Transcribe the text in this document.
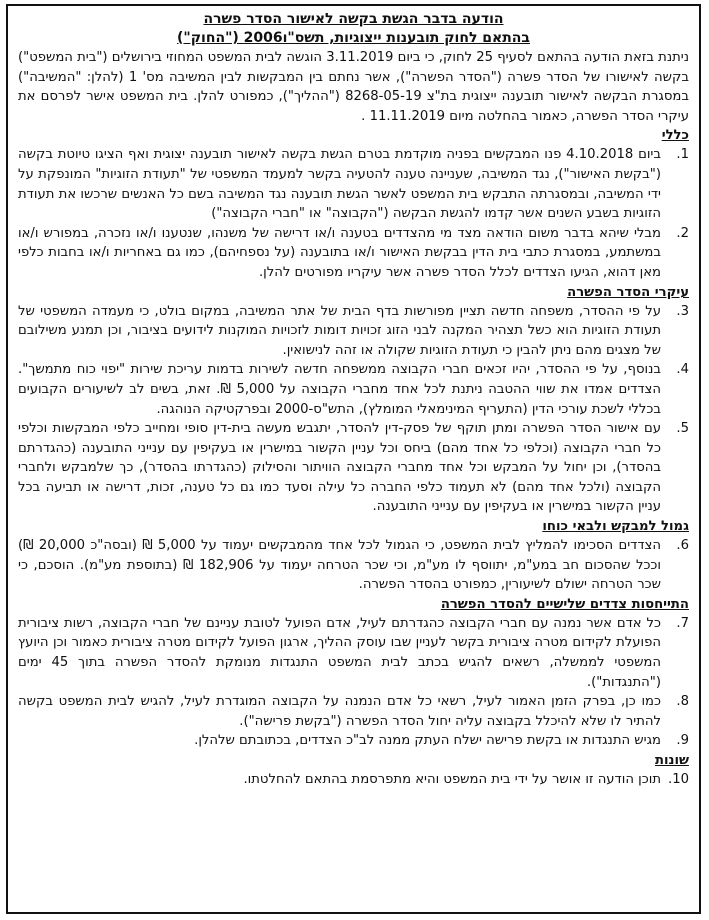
הודעה בדבר הגשת בקשה לאישור הסדר פשרה
בהתאם לחוק תובענות ייצוגיות, תשס"ו2006 ("החוק")

ניתנת בזאת הודעה בהתאם לסעיף 25 לחוק, כי ביום 3.11.2019 הוגשה לבית המשפט המחוזי בירושלים ("בית המשפט") בקשה לאישורו של הסדר פשרה ("הסדר הפשרה"), אשר נחתם בין המבקשות לבין המשיבה מס' 1 (להלן: "המשיבה") במסגרת הבקשה לאישור תובענה ייצוגית בת"צ 8268-05-19 ("ההליך"), כמפורט להלן. בית המשפט אישר לפרסם את עיקרי הסדר הפשרה, כאמור בהחלטה מיום 11.11.2019 .

כללי
1.
ביום 4.10.2018 פנו המבקשים בפניה מוקדמת בטרם הגשת בקשה לאישור תובענה יצוגית ואף הציגו טיוטת בקשה ("בקשת האישור"), נגד המשיבה, שעניינה טענה להטעיה בקשר למעמד המשפטי של "תעודת הזוגיות" המונפקת על ידי המשיבה, ובמסגרתה התבקש בית המשפט לאשר הגשת תובענה נגד המשיבה בשם כל האנשים שרכשו את תעודת הזוגיות בשבע השנים אשר קדמו להגשת הבקשה ("הקבוצה" או "חברי הקבוצה")
2.
מבלי שיהא בדבר משום הודאה מצד מי מהצדדים בטענה ו/או דרישה של משנהו, שנטענו ו/או נזכרה, במפורש ו/או במשתמע, במסגרת כתבי בית הדין בבקשת האישור ו/או בתובענה (על נספחיהם), כמו גם באחריות ו/או בחבות כלפי מאן דהוא, הגיעו הצדדים לכלל הסדר פשרה אשר עיקריו מפורטים להלן.
עיקרי הסדר הפשרה
3.
על פי ההסדר, משפחה חדשה תציין מפורשות בדף הבית של אתר המשיבה, במקום בולט, כי מעמדה המשפטי של תעודת הזוגיות הוא כשל תצהיר המקנה לבני הזוג זכויות דומות לזכויות המוקנות לידועים בציבור, וכן תמנע משילובם של מצגים מהם ניתן להבין כי תעודת הזוגיות שקולה או זהה לנישואין.
4.
בנוסף, על פי ההסדר, יהיו זכאים חברי הקבוצה ממשפחה חדשה לשירות בדמות עריכת שירות "יפוי כוח מתמשך". הצדדים אמדו את שווי ההטבה ניתנת לכל אחד מחברי הקבוצה על 5,000 ₪. זאת, בשים לב לשיעורים הקבועים בכללי לשכת עורכי הדין (התעריף המינימאלי המומלץ), התש"ס-2000 ובפרקטיקה הנוהגה.
5.
עם אישור הסדר הפשרה ומתן תוקף של פסק-דין להסדר, יתגבש מעשה בית-דין סופי ומחייב כלפי המבקשות וכלפי כל חברי הקבוצה (וכלפי כל אחד מהם) ביחס וכל עניין הקשור במישרין או בעקיפין עם ענייני התובענה (כהגדרתם בהסדר), וכן יחול על המבקש וכל אחד מחברי הקבוצה הוויתור והסילוק (כהגדרתו בהסדר), כך שלמבקש ולחברי הקבוצה (ולכל אחד מהם) לא תעמוד כלפי החברה כל עילה וסעד כמו גם כל טענה, זכות, דרישה או תביעה בכל עניין הקשור במישרין או בעקיפין עם ענייני התובענה.
גמול למבקש ולבאי כוחו
6.
הצדדים הסכימו להמליץ לבית המשפט, כי הגמול לכל אחד מהמבקשים יעמוד על 5,000 ₪ (ובסה"כ 20,000 ₪) וככל שהסכום חב במע"מ, יתווסף לו מע"מ, וכי שכר הטרחה יעמוד על 182,906 ₪ (בתוספת מע"מ). הוסכם, כי שכר הטרחה ישולם לשיעורין, כמפורט בהסדר הפשרה.
התייחסות צדדים שלישיים להסדר הפשרה
7.
כל אדם אשר נמנה עם חברי הקבוצה כהגדרתם לעיל, אדם הפועל לטובת עניינם של חברי הקבוצה, רשות ציבורית הפועלת לקידום מטרה ציבורית בקשר לעניין שבו עוסק ההליך, ארגון הפועל לקידום מטרה ציבורית כאמור וכן היועץ המשפטי לממשלה, רשאים להגיש בכתב לבית המשפט התנגדות מנומקת להסדר הפשרה בתוך 45 ימים ("התנגדות").
8.
כמו כן, בפרק הזמן האמור לעיל, רשאי כל אדם הנמנה על הקבוצה המוגדרת לעיל, להגיש לבית המשפט בקשה להתיר לו שלא להיכלל בקבוצה עליה יחול הסדר הפשרה ("בקשת פרישה").
9.
מגיש התנגדות או בקשת פרישה ישלח העתק ממנה לב"כ הצדדים, בכתובתם שלהלן.
שונות
10.
תוכן הודעה זו אושר על ידי בית המשפט והיא מתפרסמת בהתאם להחלטתו.
